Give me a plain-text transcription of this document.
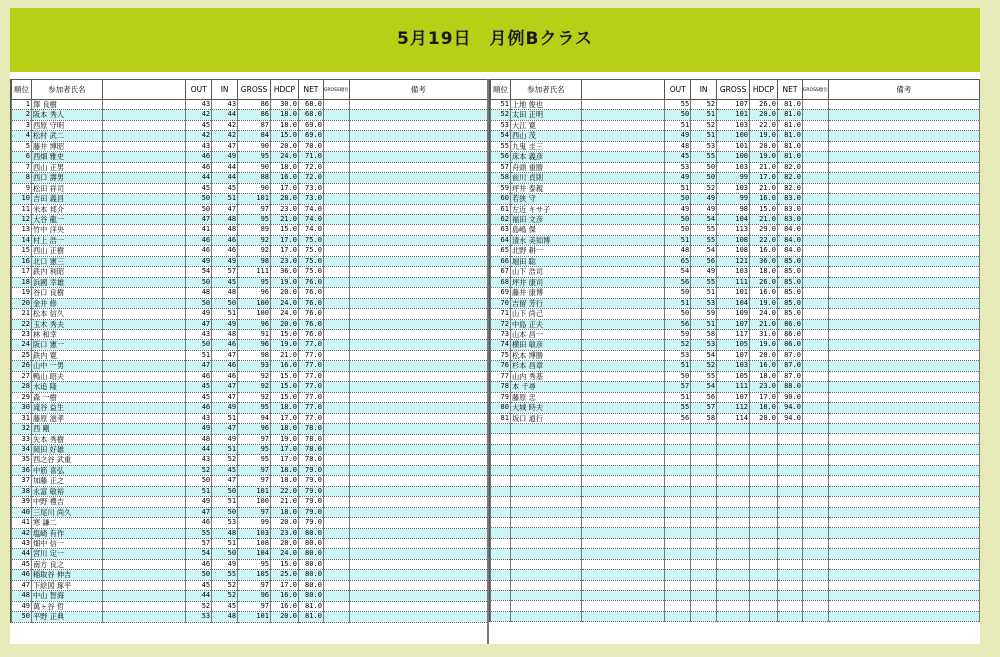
5月19日　月例Bクラス
順位	参加者氏名		OUT	IN	GROSS	HDCP	NET	GROSS順位	備考
1	澤 良樹		43	43	86	30.0	68.0		
2	阪本 秀人		42	44	86	18.0	68.0		
3	西原 守明		45	42	87	18.0	69.0		
4	松村 武二		42	42	84	15.0	69.0		
5	藤井 博昭		43	47	90	20.0	70.0		
6	西畑 雅史		46	49	95	24.0	71.0		
7	西山 正男		46	44	90	18.0	72.0		
8	西口 壽男		44	44	88	16.0	72.0		
9	松田 祥司		45	45	90	17.0	73.0		
10	吉田 義昌		50	51	101	28.0	73.0		
11	米本 邦介		50	47	97	23.0	74.0		
12	大谷 龍一		47	48	95	21.0	74.0		
13	竹中 洋央		41	48	89	15.0	74.0		
14	村上 浩一		46	46	92	17.0	75.0		
15	西山 正樹		46	46	92	17.0	75.0		
16	北口 憲三		49	49	98	23.0	75.0		
17	鉄内 利昭		54	57	111	36.0	75.0		
18	浜國 幸雄		50	45	95	19.0	76.0		
19	谷口 良樹		48	48	96	20.0	76.0		
20	金井 修		50	50	100	24.0	76.0		
21	松本 信久		49	51	100	24.0	76.0		
22	玉木 秀夫		47	49	96	20.0	76.0		
23	林 和幸		43	48	91	15.0	76.0		
24	阪口 憲一		50	46	96	19.0	77.0		
25	鉄内 寛		51	47	98	21.0	77.0		
26	山中 一男		47	46	93	16.0	77.0		
27	鴨山 昭夫		46	46	92	15.0	77.0		
28	水追 隆		45	47	92	15.0	77.0		
29	森 一樹		45	47	92	15.0	77.0		
30	滝谷 益生		46	49	95	18.0	77.0		
31	藤原 滋孝		43	51	94	17.0	77.0		
32	西 剛		49	47	96	18.0	78.0		
33	矢本 秀樹		48	49	97	19.0	78.0		
34	岡田 好雄		44	51	95	17.0	78.0		
35	西之谷 武重		43	52	95	17.0	78.0		
36	中筋 喜弘		52	45	97	18.0	79.0		
37	加藤 正之		50	47	97	18.0	79.0		
38	永富 敏裕		51	50	101	22.0	79.0		
39	中野 禮吉		49	51	100	21.0	79.0		
40	三尾川 尚久		47	50	97	18.0	79.0		
41	寒 謙二		46	53	99	20.0	79.0		
42	塩崎 有作		55	48	103	23.0	80.0		
43	畑中 信一		57	51	108	28.0	80.0		
44	宮川 定一		54	50	104	24.0	80.0		
45	南方 良之		46	49	95	15.0	80.0		
46	稲取谷 伸吉		50	55	105	25.0	80.0		
47	下絵図 琢平		45	52	97	17.0	80.0		
48	中山 智海		44	52	96	16.0	80.0		
49	萬ヶ谷 哲		52	45	97	16.0	81.0		
50	平野 正典		53	48	101	20.0	81.0		
順位	参加者氏名		OUT	IN	GROSS	HDCP	NET	GROSS順位	備考
51	上地 俊也		55	52	107	26.0	81.0		
52	太田 正明		50	51	101	20.0	81.0		
53	大江 寛		51	52	103	22.0	81.0		
54	西山 茂		49	51	100	19.0	81.0		
55	九鬼 圭三		48	53	101	20.0	81.0		
56	床本 義彦		45	55	100	19.0	81.0		
57	舟頭 重勝		53	50	103	21.0	82.0		
58	前川 貞則		49	50	99	17.0	82.0		
59	坪井 泰親		51	52	103	21.0	82.0		
60	若狭 守		50	49	99	16.0	83.0		
61	左近 キサ子		49	49	98	15.0	83.0		
62	福田 文彦		50	54	104	21.0	83.0		
63	島嶋 傑		50	55	113	29.0	84.0		
64	清水 美知博		51	55	108	22.0	84.0		
65	北野 耕一		48	54	108	16.0	84.0		
66	堀田 聡		65	56	121	36.0	85.0		
67	山下 浩司		54	49	103	18.0	85.0		
68	坪井 康司		56	55	111	26.0	85.0		
69	藤井 康博		50	51	101	16.0	85.0		
70	吉留 芳行		51	53	104	19.0	85.0		
71	山下 尚己		50	59	109	24.0	85.0		
72	中島 正夫		56	51	107	21.0	86.0		
73	山本 昌一		59	58	117	31.0	86.0		
74	横田 敏彦		52	53	105	19.0	86.0		
75	松本 博勝		53	54	107	20.0	87.0		
76	杉本 昌章		51	52	103	16.0	87.0		
77	山内 秀基		50	55	105	18.0	87.0		
78	本 千尋		57	54	111	23.0	88.0		
79	藤原 忠		51	56	107	17.0	90.0		
80	大城 時夫		55	57	112	18.0	94.0		
81	坂口 道行		56	58	114	20.0	94.0		
